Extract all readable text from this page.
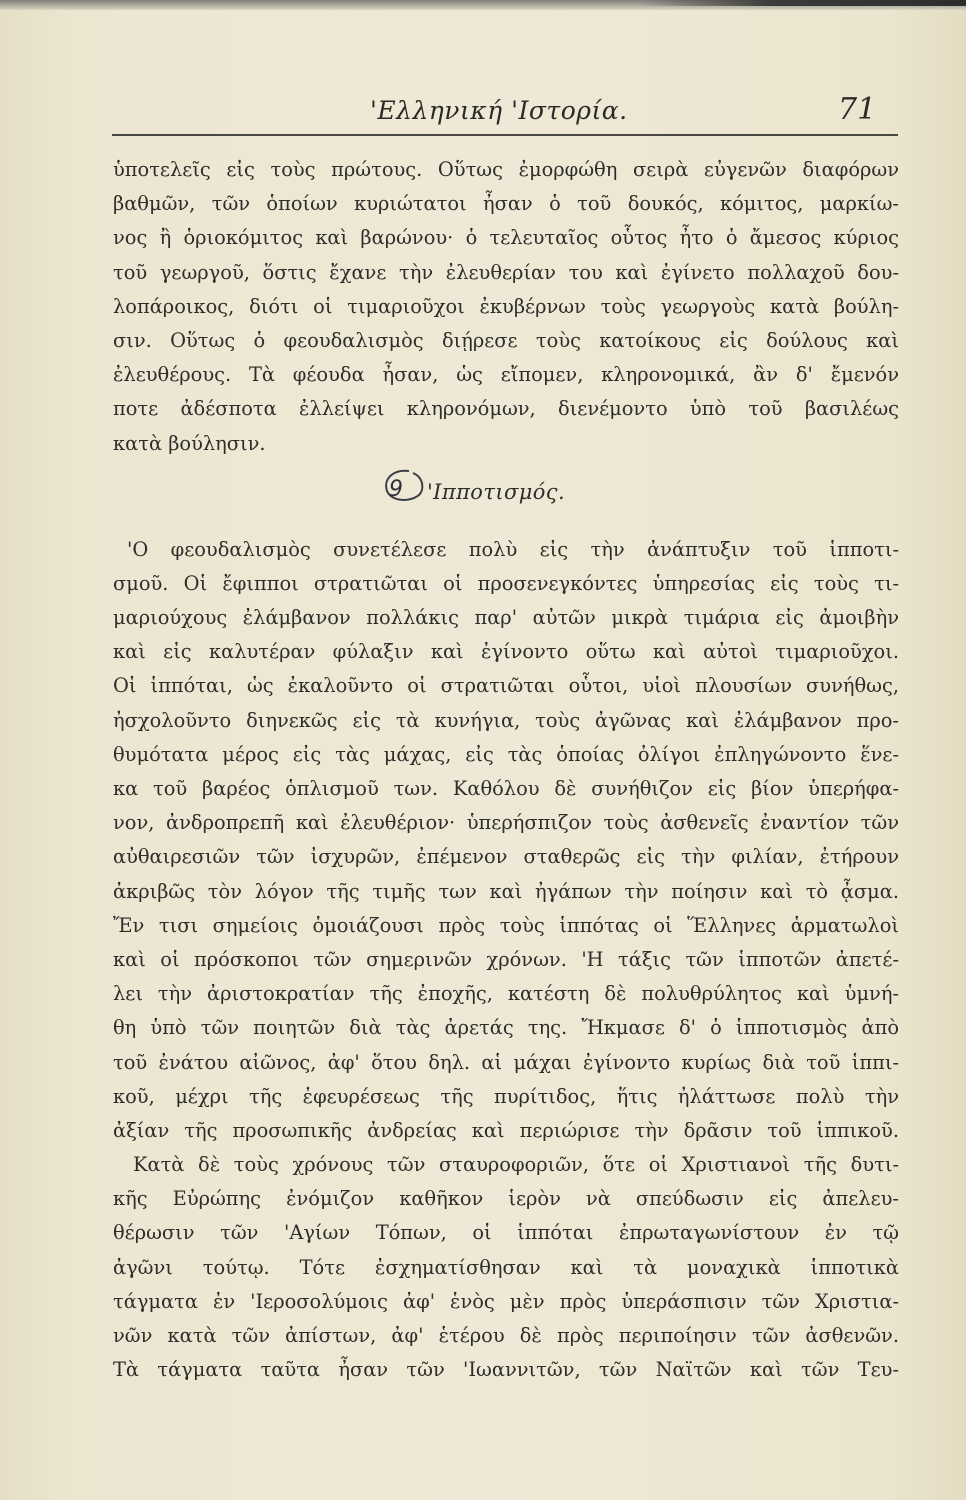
'Ελληνική 'Ιστορία.	71
ὑποτελεῖς εἰς τοὺς πρώτους. Οὕτως ἐμορφώθη σειρὰ εὐγενῶν διαφόρων
βαθμῶν, τῶν ὁποίων κυριώτατοι ἦσαν ὁ τοῦ δουκός, κόμιτος, μαρκίω-
νος ἢ ὁριοκόμιτος καὶ βαρώνου· ὁ τελευταῖος οὗτος ἦτο ὁ ἄμεσος κύριος
τοῦ γεωργοῦ, ὅστις ἔχανε τὴν ἐλευθερίαν του καὶ ἐγίνετο πολλαχοῦ δου-
λοπάροικος, διότι οἱ τιμαριοῦχοι ἐκυβέρνων τοὺς γεωργοὺς κατὰ βούλη-
σιν. Οὕτως ὁ φεουδαλισμὸς διῄρεσε τοὺς κατοίκους εἰς δούλους καὶ
ἐλευθέρους. Τὰ φέουδα ἦσαν, ὡς εἴπομεν, κληρονομικά, ἂν δ' ἔμενόν
ποτε ἀδέσποτα ἐλλείψει κληρονόμων, διενέμοντο ὑπὸ τοῦ βασιλέως
κατὰ βούλησιν.
9 'Ιπποτισμός.
'Ο φεουδαλισμὸς συνετέλεσε πολὺ εἰς τὴν ἀνάπτυξιν τοῦ ἱπποτι-
σμοῦ. Οἱ ἔφιπποι στρατιῶται οἱ προσενεγκόντες ὑπηρεσίας εἰς τοὺς τι-
μαριούχους ἐλάμβανον πολλάκις παρ' αὐτῶν μικρὰ τιμάρια εἰς ἀμοιβὴν
καὶ εἰς καλυτέραν φύλαξιν καὶ ἐγίνοντο οὕτω καὶ αὐτοὶ τιμαριοῦχοι.
Οἱ ἱππόται, ὡς ἐκαλοῦντο οἱ στρατιῶται οὗτοι, υἱοὶ πλουσίων συνήθως,
ἠσχολοῦντο διηνεκῶς εἰς τὰ κυνήγια, τοὺς ἀγῶνας καὶ ἐλάμβανον προ-
θυμότατα μέρος εἰς τὰς μάχας, εἰς τὰς ὁποίας ὀλίγοι ἐπληγώνοντο ἕνε-
κα τοῦ βαρέος ὁπλισμοῦ των. Καθόλου δὲ συνήθιζον εἰς βίον ὑπερήφα-
νον, ἀνδροπρεπῆ καὶ ἐλευθέριον· ὑπερήσπιζον τοὺς ἀσθενεῖς ἐναντίον τῶν
αὐθαιρεσιῶν τῶν ἰσχυρῶν, ἐπέμενον σταθερῶς εἰς τὴν φιλίαν, ἐτήρουν
ἀκριβῶς τὸν λόγον τῆς τιμῆς των καὶ ἠγάπων τὴν ποίησιν καὶ τὸ ᾆσμα.
Ἔν τισι σημείοις ὁμοιάζουσι πρὸς τοὺς ἱππότας οἱ Ἕλληνες ἁρματωλοὶ
καὶ οἱ πρόσκοποι τῶν σημερινῶν χρόνων. 'Η τάξις τῶν ἱπποτῶν ἀπετέ-
λει τὴν ἀριστοκρατίαν τῆς ἐποχῆς, κατέστη δὲ πολυθρύλητος καὶ ὑμνή-
θη ὑπὸ τῶν ποιητῶν διὰ τὰς ἀρετάς της. Ἤκμασε δ' ὁ ἱπποτισμὸς ἀπὸ
τοῦ ἐνάτου αἰῶνος, ἀφ' ὅτου δηλ. αἱ μάχαι ἐγίνοντο κυρίως διὰ τοῦ ἱππι-
κοῦ, μέχρι τῆς ἐφευρέσεως τῆς πυρίτιδος, ἥτις ἠλάττωσε πολὺ τὴν
ἀξίαν τῆς προσωπικῆς ἀνδρείας καὶ περιώρισε τὴν δρᾶσιν τοῦ ἱππικοῦ.
Κατὰ δὲ τοὺς χρόνους τῶν σταυροφοριῶν, ὅτε οἱ Χριστιανοὶ τῆς δυτι-
κῆς Εὐρώπης ἐνόμιζον καθῆκον ἱερὸν νὰ σπεύδωσιν εἰς ἀπελευ-
θέρωσιν τῶν 'Αγίων Τόπων, οἱ ἱππόται ἐπρωταγωνίστουν ἐν τῷ
ἀγῶνι τούτῳ. Τότε ἐσχηματίσθησαν καὶ τὰ μοναχικὰ ἱπποτικὰ
τάγματα ἐν 'Ιεροσολύμοις ἀφ' ἑνὸς μὲν πρὸς ὑπεράσπισιν τῶν Χριστια-
νῶν κατὰ τῶν ἀπίστων, ἀφ' ἑτέρου δὲ πρὸς περιποίησιν τῶν ἀσθενῶν.
Τὰ τάγματα ταῦτα ἦσαν τῶν 'Ιωαννιτῶν, τῶν Ναϊτῶν καὶ τῶν Τευ-
